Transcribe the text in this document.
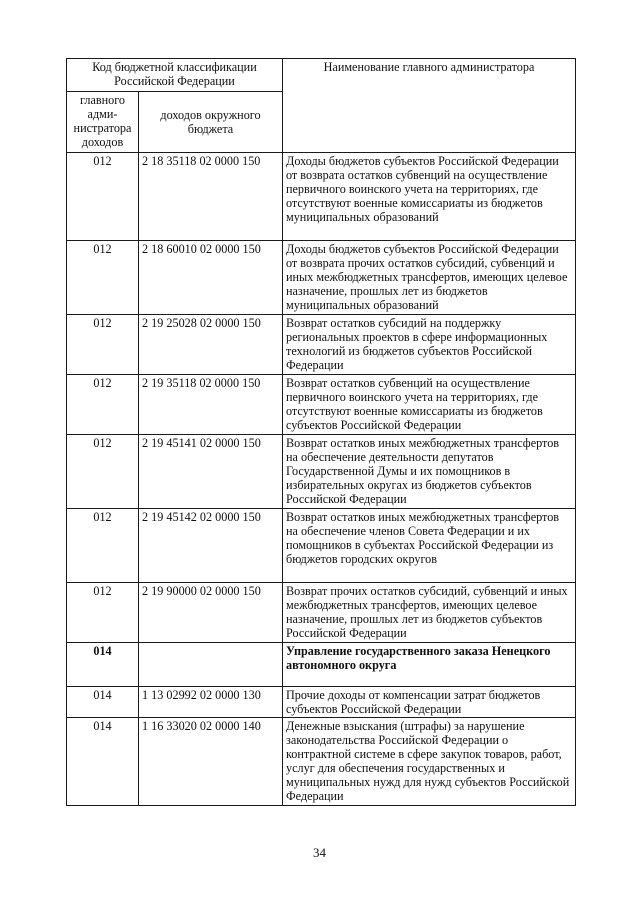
Код бюджетной классификации Российской Федерации		Наименование главного администратора
главного адми- нистратора доходов	доходов окружного бюджета	
012	2 18 35118 02 0000 150	Доходы бюджетов субъектов Российской Федерации от возврата остатков субвенций на осуществление первичного воинского учета на территориях, где отсутствуют военные комиссариаты из бюджетов муниципальных образований
012	2 18 60010 02 0000 150	Доходы бюджетов субъектов Российской Федерации от возврата прочих остатков субсидий, субвенций и иных межбюджетных трансфертов, имеющих целевое назначение, прошлых лет из бюджетов муниципальных образований
012	2 19 25028 02 0000 150	Возврат остатков субсидий на поддержку региональных проектов в сфере информационных технологий из бюджетов субъектов Российской Федерации
012	2 19 35118 02 0000 150	Возврат остатков субвенций на осуществление первичного воинского учета на территориях, где отсутствуют военные комиссариаты из бюджетов субъектов Российской Федерации
012	2 19 45141 02 0000 150	Возврат остатков иных межбюджетных трансфертов на обеспечение деятельности депутатов Государственной Думы и их помощников в избирательных округах из бюджетов субъектов Российской Федерации
012	2 19 45142 02 0000 150	Возврат остатков иных межбюджетных трансфертов на обеспечение членов Совета Федерации и их помощников в субъектах Российской Федерации из бюджетов городских округов
012	2 19 90000 02 0000 150	Возврат прочих остатков субсидий, субвенций и иных межбюджетных трансфертов, имеющих целевое назначение, прошлых лет из бюджетов субъектов Российской Федерации
014		Управление государственного заказа Ненецкого автономного округа
014	1 13 02992 02 0000 130	Прочие доходы от компенсации затрат бюджетов субъектов Российской Федерации
014	1 16 33020 02 0000 140	Денежные взыскания (штрафы) за нарушение законодательства Российской Федерации о контрактной системе в сфере закупок товаров, работ, услуг для обеспечения государственных и муниципальных нужд для нужд субъектов Российской Федерации
34
